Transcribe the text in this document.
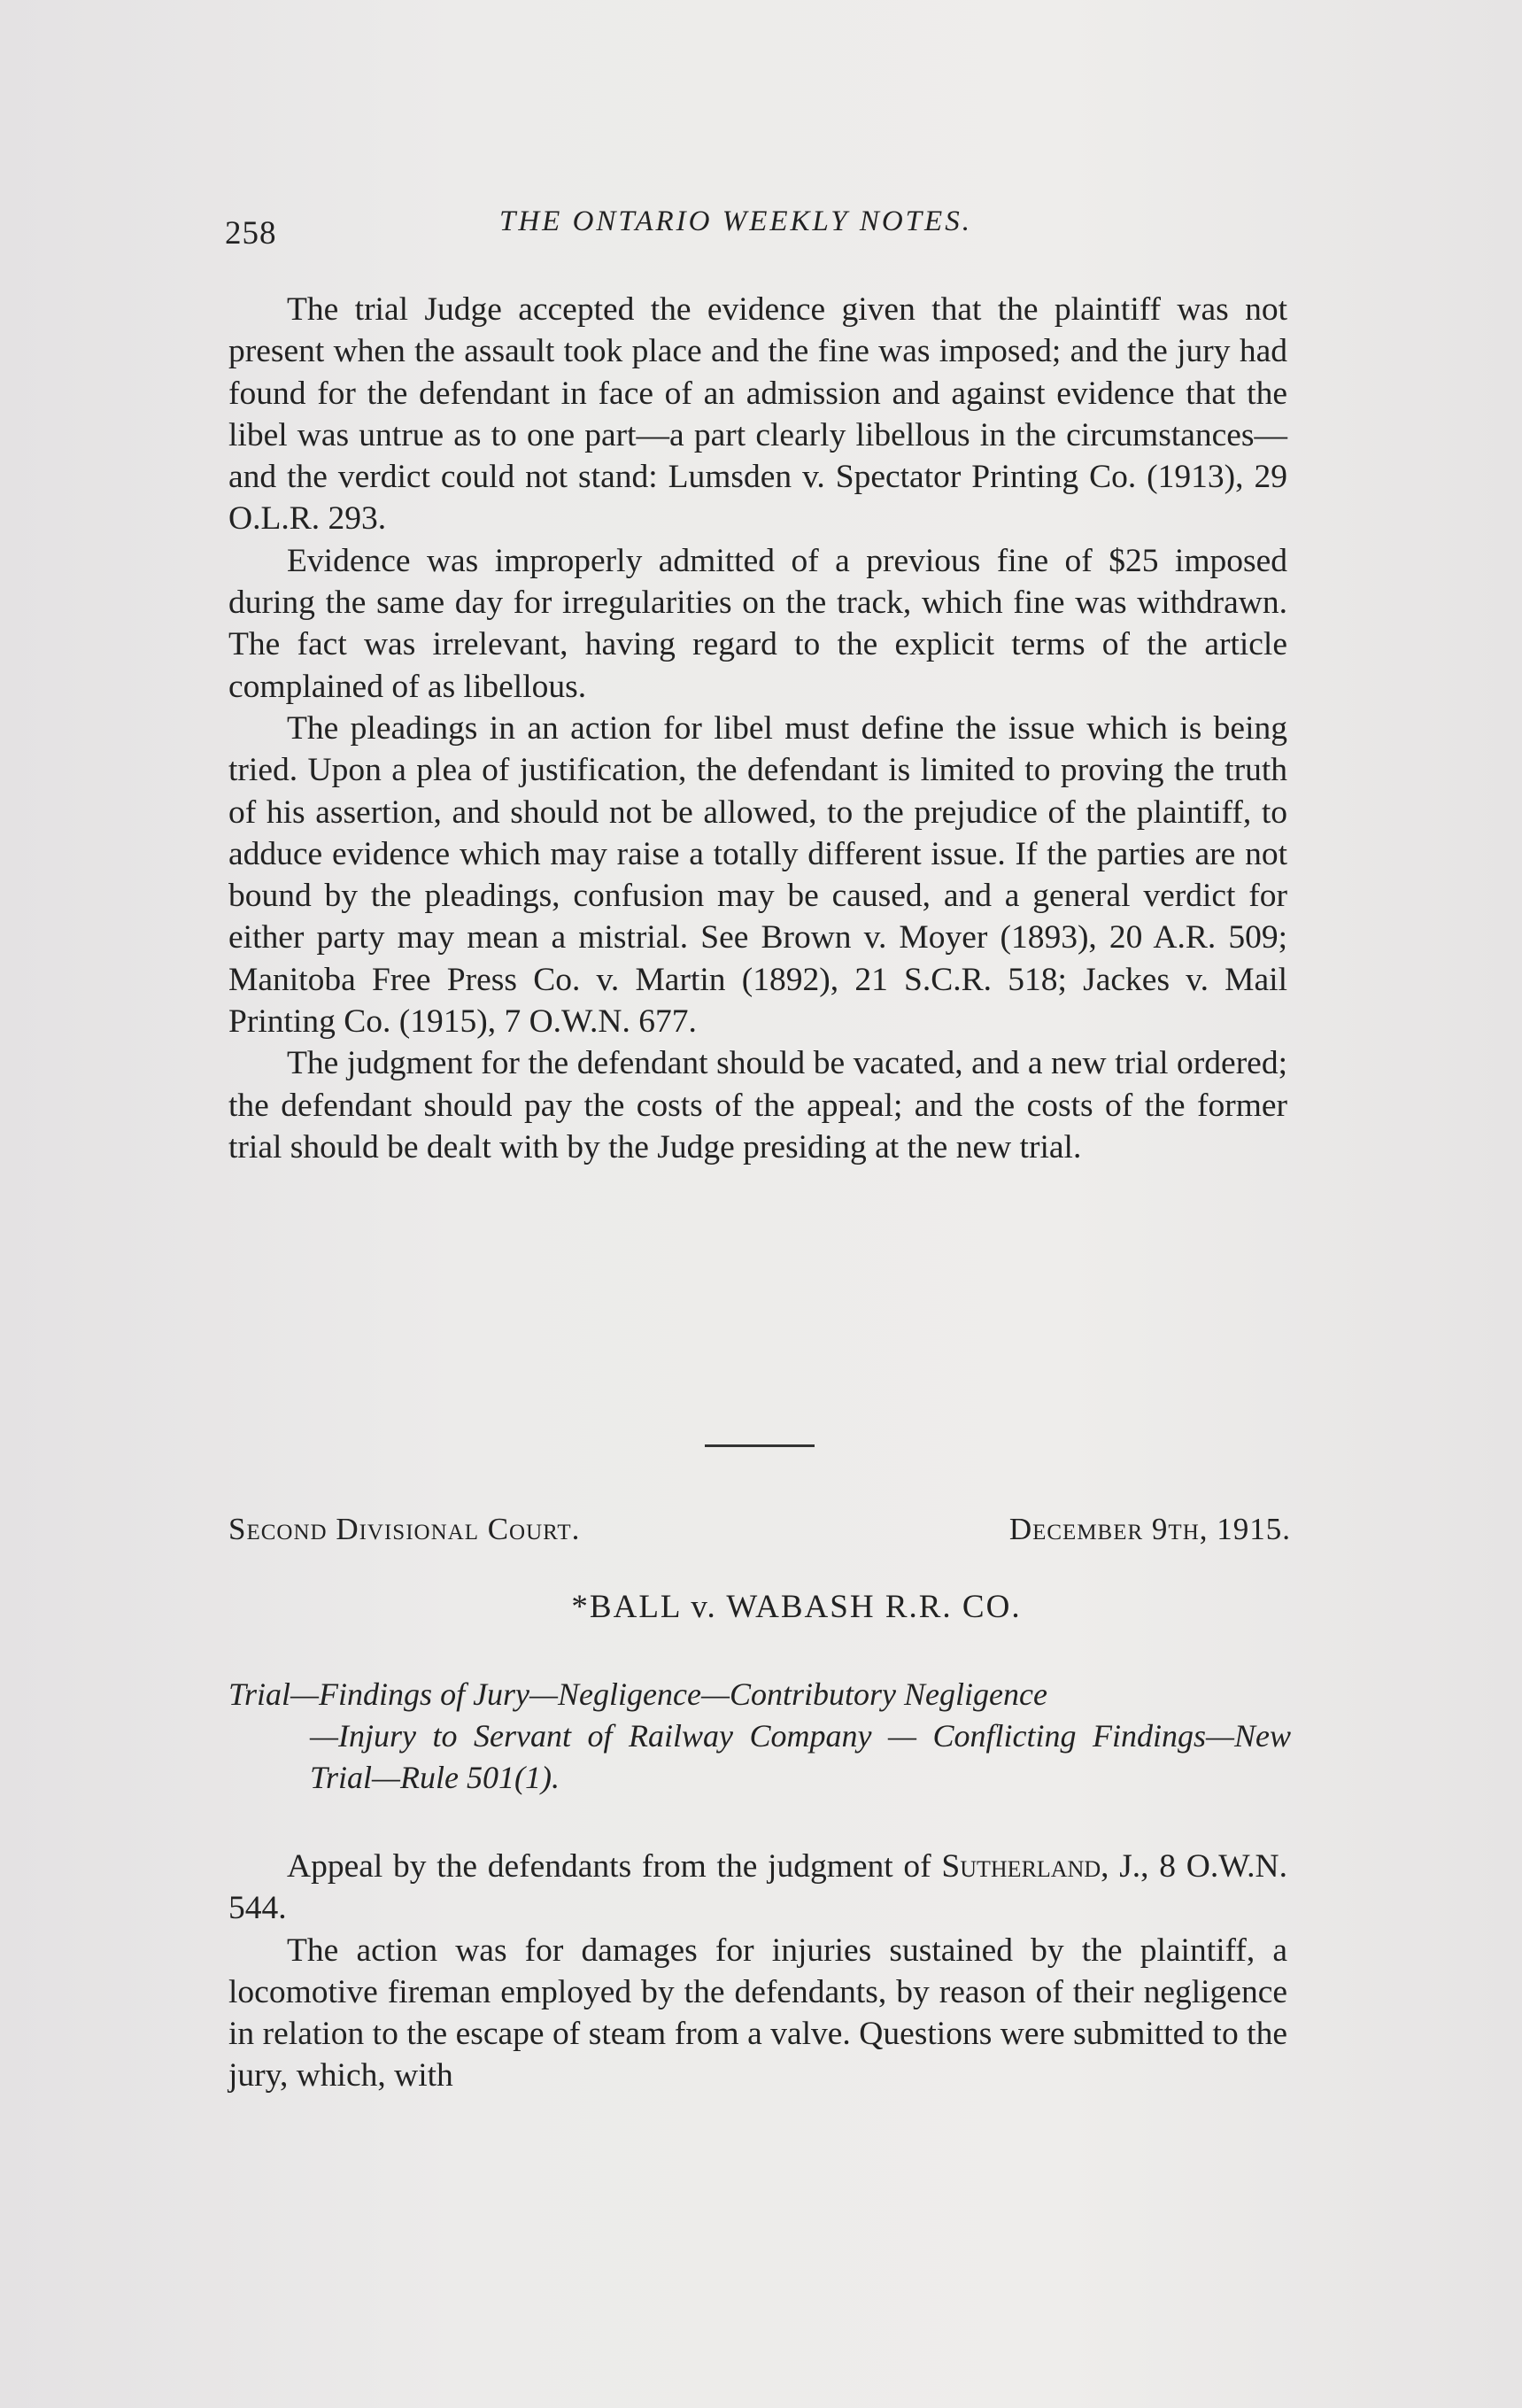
258	THE ONTARIO WEEKLY NOTES.

The trial Judge accepted the evidence given that the plaintiff was not present when the assault took place and the fine was imposed; and the jury had found for the defendant in face of an admission and against evidence that the libel was untrue as to one part—a part clearly libellous in the circumstances—and the verdict could not stand: Lumsden v. Spectator Printing Co. (1913), 29 O.L.R. 293.

Evidence was improperly admitted of a previous fine of $25 imposed during the same day for irregularities on the track, which fine was withdrawn. The fact was irrelevant, having regard to the explicit terms of the article complained of as libellous.

The pleadings in an action for libel must define the issue which is being tried. Upon a plea of justification, the defendant is limited to proving the truth of his assertion, and should not be allowed, to the prejudice of the plaintiff, to adduce evidence which may raise a totally different issue. If the parties are not bound by the pleadings, confusion may be caused, and a general verdict for either party may mean a mistrial. See Brown v. Moyer (1893), 20 A.R. 509; Manitoba Free Press Co. v. Martin (1892), 21 S.C.R. 518; Jackes v. Mail Printing Co. (1915), 7 O.W.N. 677.

The judgment for the defendant should be vacated, and a new trial ordered; the defendant should pay the costs of the appeal; and the costs of the former trial should be dealt with by the Judge presiding at the new trial.

Second Divisional Court.	December 9th, 1915.
*BALL v. WABASH R.R. CO.
Trial—Findings of Jury—Negligence—Contributory Negligence
—Injury to Servant of Railway Company — Conflicting Findings—New Trial—Rule 501(1).

Appeal by the defendants from the judgment of Sutherland, J., 8 O.W.N. 544.

The action was for damages for injuries sustained by the plaintiff, a locomotive fireman employed by the defendants, by reason of their negligence in relation to the escape of steam from a valve. Questions were submitted to the jury, which, with
